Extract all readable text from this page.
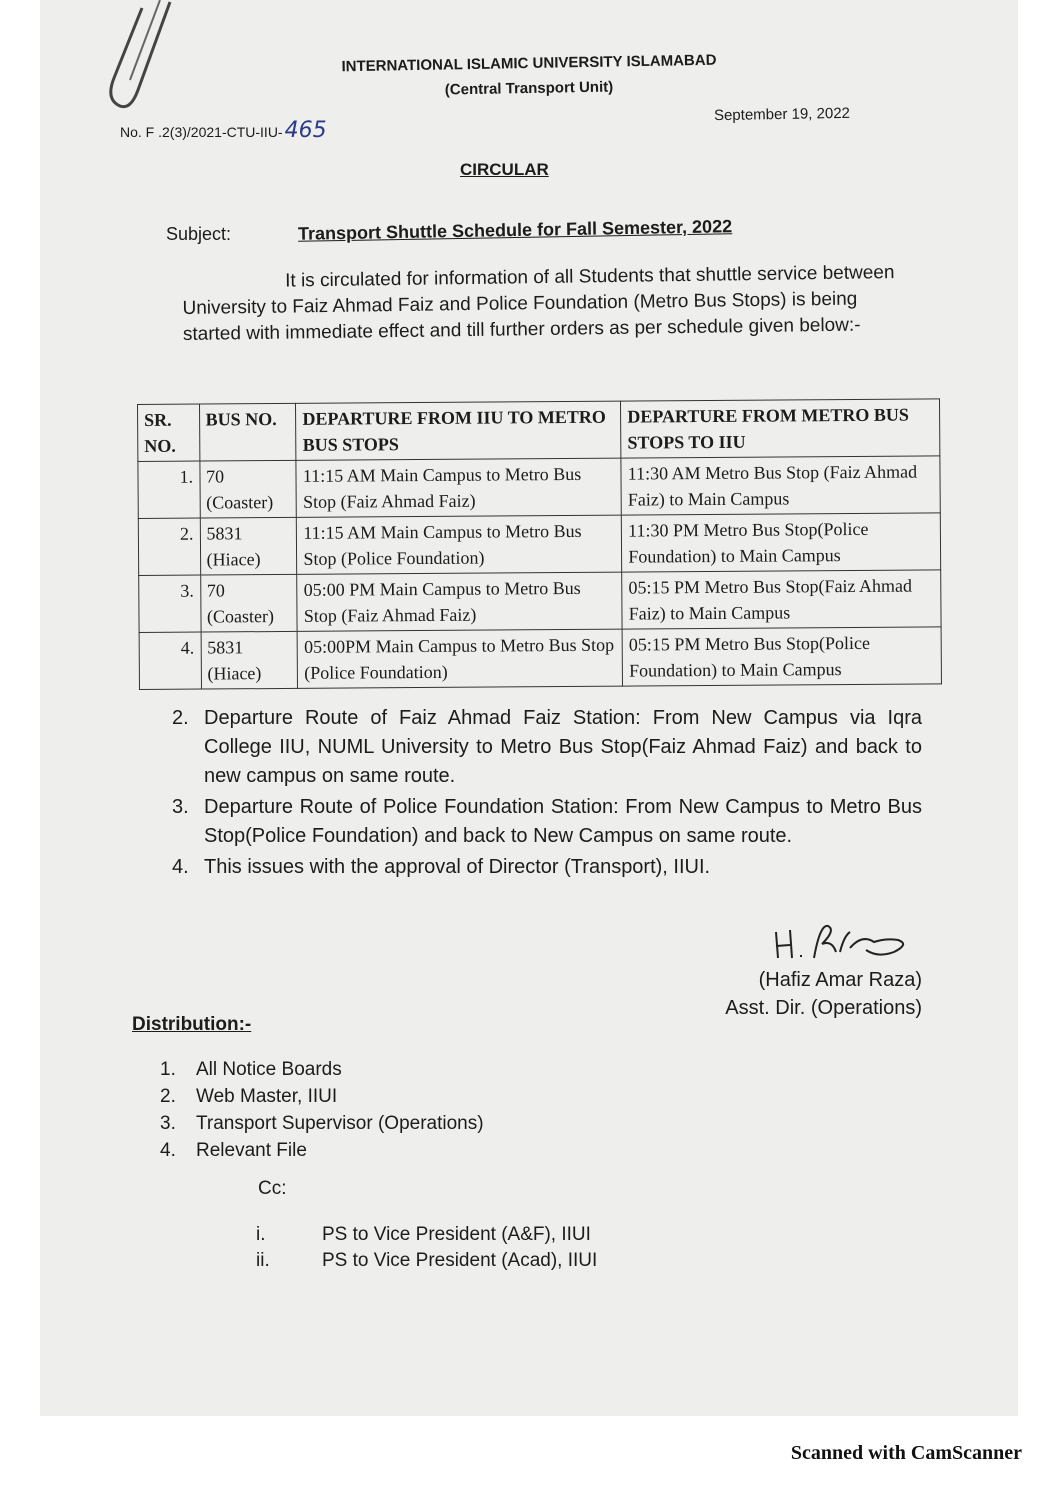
INTERNATIONAL ISLAMIC UNIVERSITY ISLAMABAD
(Central Transport Unit)
No. F .2(3)/2021-CTU-IIU-465
September 19, 2022
CIRCULAR
Subject:	Transport Shuttle Schedule for Fall Semester, 2022

It is circulated for information of all Students that shuttle service between University to Faiz Ahmad Faiz and Police Foundation (Metro Bus Stops) is being started with immediate effect and till further orders as per schedule given below:-

SR. NO.	BUS NO.	DEPARTURE FROM IIU TO METRO BUS STOPS	DEPARTURE FROM METRO BUS STOPS TO IIU
1.	70 (Coaster)	11:15 AM Main Campus to Metro Bus Stop (Faiz Ahmad Faiz)	11:30 AM Metro Bus Stop (Faiz Ahmad Faiz) to Main Campus
2.	5831 (Hiace)	11:15 AM Main Campus to Metro Bus Stop (Police Foundation)	11:30 PM Metro Bus Stop(Police Foundation) to Main Campus
3.	70 (Coaster)	05:00 PM Main Campus to Metro Bus Stop (Faiz Ahmad Faiz)	05:15 PM Metro Bus Stop(Faiz Ahmad Faiz) to Main Campus
4.	5831 (Hiace)	05:00PM Main Campus to Metro Bus Stop (Police Foundation)	05:15 PM Metro Bus Stop(Police Foundation) to Main Campus
2. Departure Route of Faiz Ahmad Faiz Station: From New Campus via Iqra College IIU, NUML University to Metro Bus Stop(Faiz Ahmad Faiz) and back to new campus on same route.
3. Departure Route of Police Foundation Station: From New Campus to Metro Bus Stop(Police Foundation) and back to New Campus on same route.
4. This issues with the approval of Director (Transport), IIUI.
(Hafiz Amar Raza)
Asst. Dir. (Operations)
Distribution:-
1.	All Notice Boards
2.	Web Master, IIUI
3.	Transport Supervisor (Operations)
4.	Relevant File
Cc:
i.	PS to Vice President (A&F), IIUI
ii.	PS to Vice President (Acad), IIUI
Scanned with CamScanner
